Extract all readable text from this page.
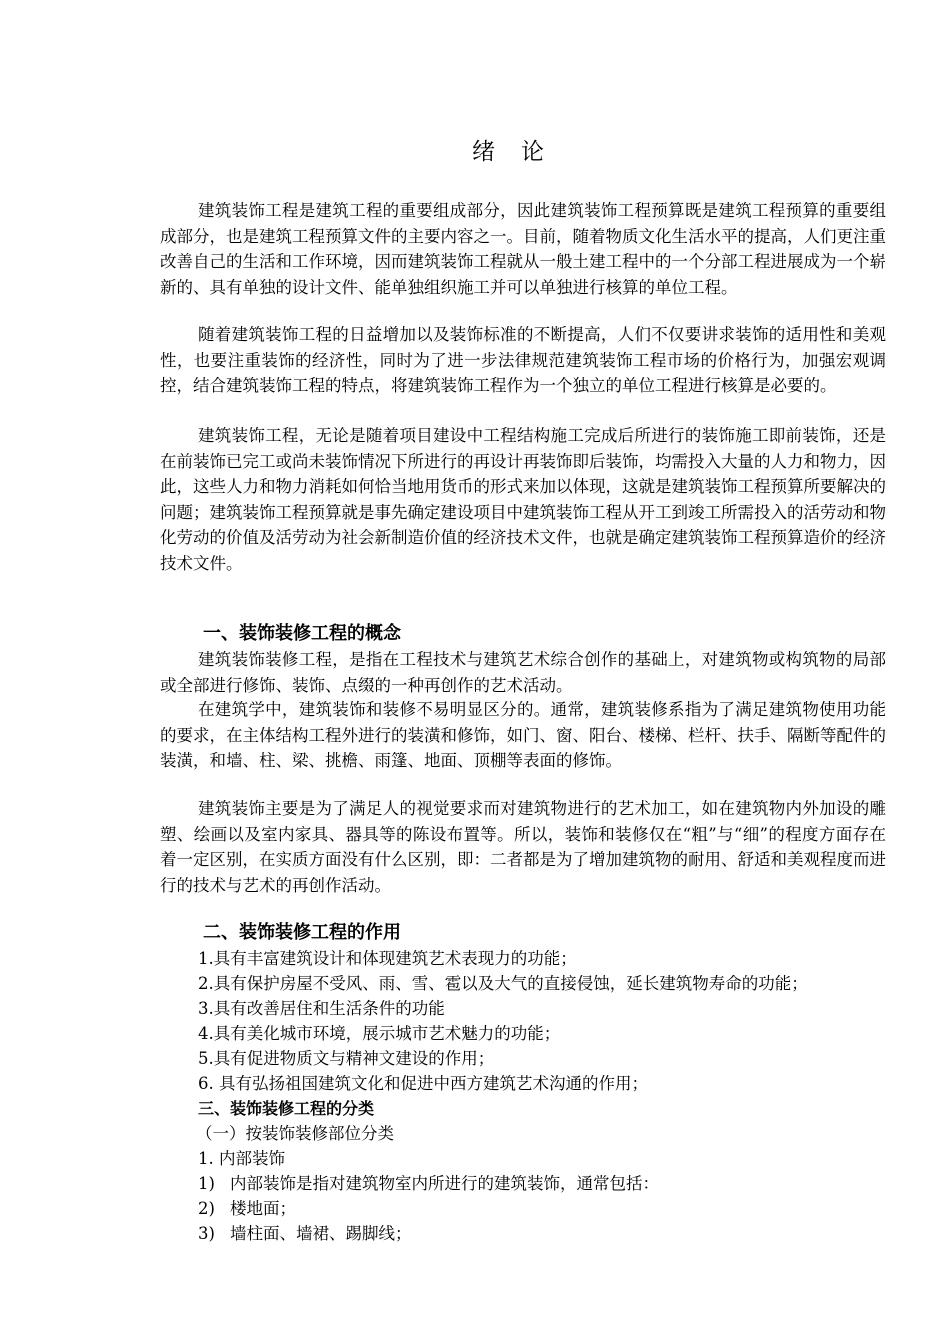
绪论

建筑装饰工程是建筑工程的重要组成部分，因此建筑装饰工程预算既是建筑工程预算的重要组成部分，也是建筑工程预算文件的主要内容之一。目前，随着物质文化生活水平的提高，人们更注重改善自己的生活和工作环境，因而建筑装饰工程就从一般土建工程中的一个分部工程进展成为一个崭新的、具有单独的设计文件、能单独组织施工并可以单独进行核算的单位工程。

随着建筑装饰工程的日益增加以及装饰标准的不断提高，人们不仅要讲求装饰的适用性和美观性，也要注重装饰的经济性，同时为了进一步法律规范建筑装饰工程市场的价格行为，加强宏观调控，结合建筑装饰工程的特点，将建筑装饰工程作为一个独立的单位工程进行核算是必要的。

建筑装饰工程，无论是随着项目建设中工程结构施工完成后所进行的装饰施工即前装饰，还是在前装饰已完工或尚未装饰情况下所进行的再设计再装饰即后装饰，均需投入大量的人力和物力，因此，这些人力和物力消耗如何恰当地用货币的形式来加以体现，这就是建筑装饰工程预算所要解决的问题；建筑装饰工程预算就是事先确定建设项目中建筑装饰工程从开工到竣工所需投入的活劳动和物化劳动的价值及活劳动为社会新制造价值的经济技术文件，也就是确定建筑装饰工程预算造价的经济技术文件。

一、装饰装修工程的概念

建筑装饰装修工程，是指在工程技术与建筑艺术综合创作的基础上，对建筑物或构筑物的局部或全部进行修饰、装饰、点缀的一种再创作的艺术活动。

在建筑学中，建筑装饰和装修不易明显区分的。通常，建筑装修系指为了满足建筑物使用功能的要求，在主体结构工程外进行的装潢和修饰，如门、窗、阳台、楼梯、栏杆、扶手、隔断等配件的装潢，和墙、柱、梁、挑檐、雨篷、地面、顶棚等表面的修饰。

建筑装饰主要是为了满足人的视觉要求而对建筑物进行的艺术加工，如在建筑物内外加设的雕塑、绘画以及室内家具、器具等的陈设布置等。所以，装饰和装修仅在“粗”与“细”的程度方面存在着一定区别，在实质方面没有什么区别，即：二者都是为了增加建筑物的耐用、舒适和美观程度而进行的技术与艺术的再创作活动。

二、装饰装修工程的作用

1.具有丰富建筑设计和体现建筑艺术表现力的功能；

2.具有保护房屋不受风、雨、雪、雹以及大气的直接侵蚀，延长建筑物寿命的功能；

3.具有改善居住和生活条件的功能

4.具有美化城市环境，展示城市艺术魅力的功能；

5.具有促进物质文与精神文建设的作用；

6. 具有弘扬祖国建筑文化和促进中西方建筑艺术沟通的作用；

三、装饰装修工程的分类

（一）按装饰装修部位分类

1. 内部装饰

1) 内部装饰是指对建筑物室内所进行的建筑装饰，通常包括：

2) 楼地面；

3) 墙柱面、墙裙、踢脚线；
